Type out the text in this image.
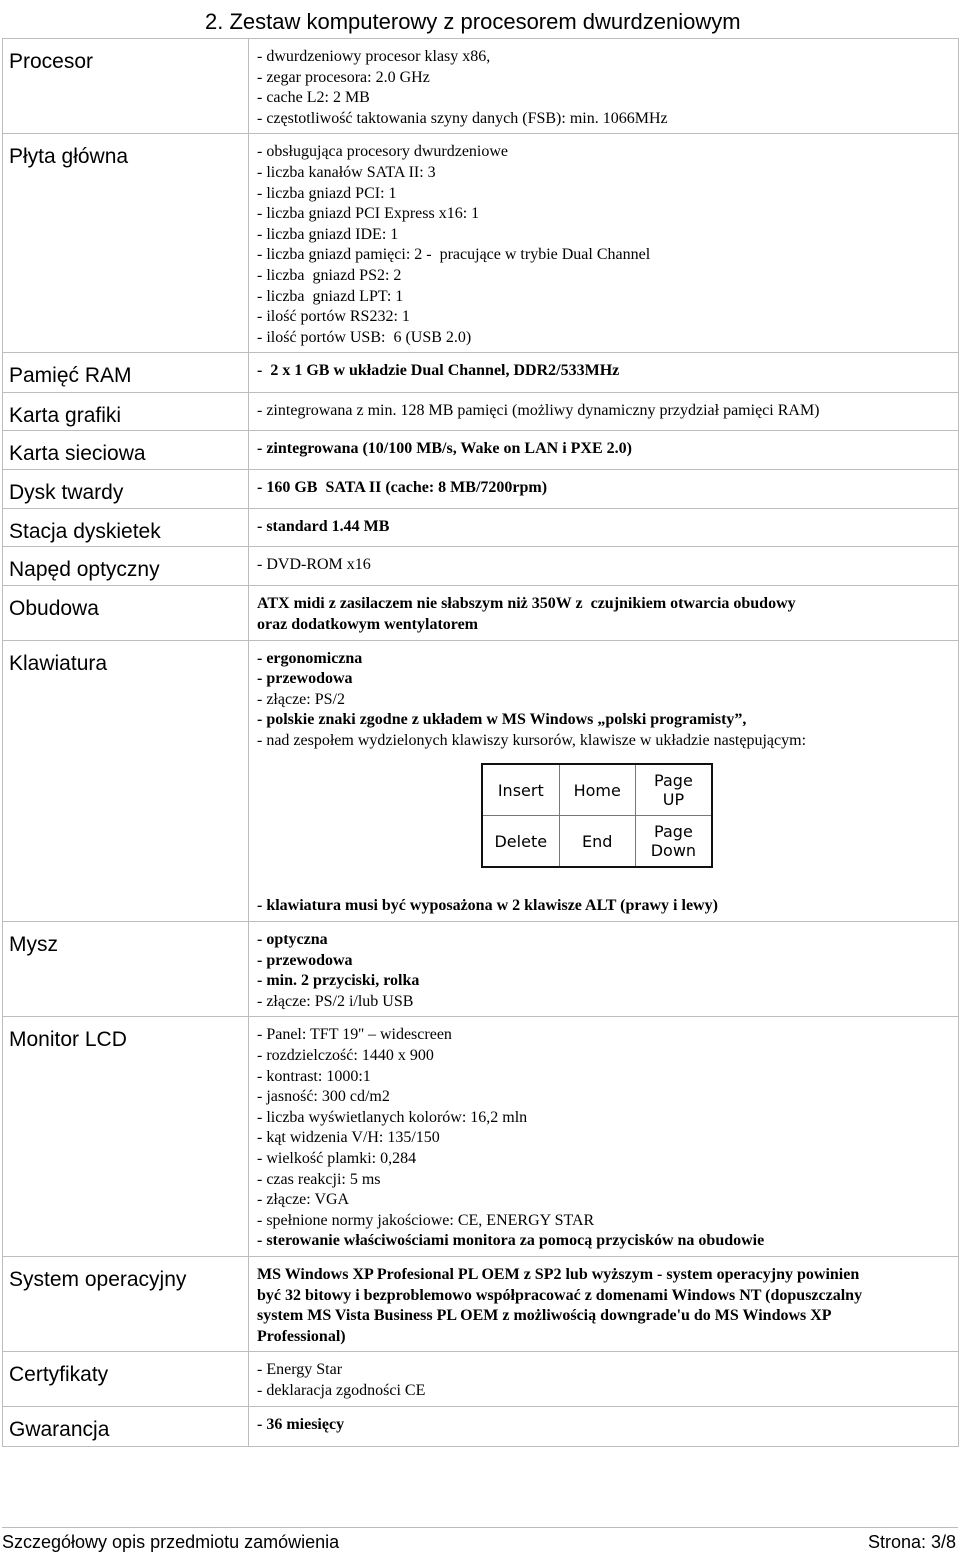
2. Zestaw komputerowy z procesorem dwurdzeniowym
Procesor	- dwurdzeniowy procesor klasy x86,
- zegar procesora: 2.0 GHz
- cache L2: 2 MB
- częstotliwość taktowania szyny danych (FSB): min. 1066MHz

Płyta główna	- obsługująca procesory dwurdzeniowe
- liczba kanałów SATA II: 3
- liczba gniazd PCI: 1
- liczba gniazd PCI Express x16: 1
- liczba gniazd IDE: 1
- liczba gniazd pamięci: 2 -  pracujące w trybie Dual Channel
- liczba  gniazd PS2: 2
- liczba  gniazd LPT: 1
- ilość portów RS232: 1
- ilość portów USB:  6 (USB 2.0)

Pamięć RAM	-  2 x 1 GB w układzie Dual Channel, DDR2/533MHz

Karta grafiki	- zintegrowana z min. 128 MB pamięci (możliwy dynamiczny przydział pamięci RAM)

Karta sieciowa	- zintegrowana (10/100 MB/s, Wake on LAN i PXE 2.0)

Dysk twardy	- 160 GB  SATA II (cache: 8 MB/7200rpm)

Stacja dyskietek	- standard 1.44 MB

Napęd optyczny	- DVD-ROM x16

Obudowa	ATX midi z zasilaczem nie słabszym niż 350W z  czujnikiem otwarcia obudowy
oraz dodatkowym wentylatorem

Klawiatura	- ergonomiczna
- przewodowa
- złącze: PS/2
- polskie znaki zgodne z układem w MS Windows „polski programisty”,
- nad zespołem wydzielonych klawiszy kursorów, klawisze w układzie następującym:
Insert	Home	Page
UP
Delete	End	Page
Down
- klawiatura musi być wyposażona w 2 klawisze ALT (prawy i lewy)

Mysz	- optyczna
- przewodowa
- min. 2 przyciski, rolka
- złącze: PS/2 i/lub USB

Monitor LCD	- Panel: TFT 19'' – widescreen
- rozdzielczość: 1440 x 900
- kontrast: 1000:1
- jasność: 300 cd/m2
- liczba wyświetlanych kolorów: 16,2 mln
- kąt widzenia V/H: 135/150
- wielkość plamki: 0,284
- czas reakcji: 5 ms
- złącze: VGA
- spełnione normy jakościowe: CE, ENERGY STAR
- sterowanie właściwościami monitora za pomocą przycisków na obudowie

System operacyjny	MS Windows XP Profesional PL OEM z SP2 lub wyższym - system operacyjny powinien
być 32 bitowy i bezproblemowo współpracować z domenami Windows NT (dopuszczalny
system MS Vista Business PL OEM z możliwością downgrade'u do MS Windows XP
Professional)

Certyfikaty	- Energy Star
- deklaracja zgodności CE

Gwarancja	- 36 miesięcy
Szczegółowy opis przedmiotu zamówienia	Strona: 3/8
